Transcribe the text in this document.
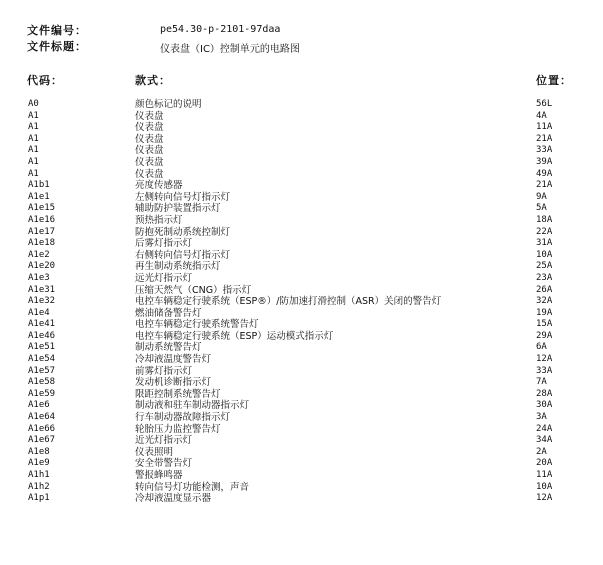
文件编号：	pe54.30-p-2101-97daa
文件标题：	仪表盘（IC）控制单元的电路图
代码：	款式：	位置：
A0	颜色标记的说明	56L
A1	仪表盘	4A
A1	仪表盘	11A
A1	仪表盘	21A
A1	仪表盘	33A
A1	仪表盘	39A
A1	仪表盘	49A
A1b1	亮度传感器	21A
A1e1	左侧转向信号灯指示灯	9A
A1e15	辅助防护装置指示灯	5A
A1e16	预热指示灯	18A
A1e17	防抱死制动系统控制灯	22A
A1e18	后雾灯指示灯	31A
A1e2	右侧转向信号灯指示灯	10A
A1e20	再生制动系统指示灯	25A
A1e3	远光灯指示灯	23A
A1e31	压缩天然气（CNG）指示灯	26A
A1e32	电控车辆稳定行驶系统（ESP®）/防加速打滑控制（ASR）关闭的警告灯	32A
A1e4	燃油储备警告灯	19A
A1e41	电控车辆稳定行驶系统警告灯	15A
A1e46	电控车辆稳定行驶系统（ESP）运动模式指示灯	29A
A1e51	制动系统警告灯	6A
A1e54	冷却液温度警告灯	12A
A1e57	前雾灯指示灯	33A
A1e58	发动机诊断指示灯	7A
A1e59	限距控制系统警告灯	28A
A1e6	制动液和驻车制动器指示灯	30A
A1e64	行车制动器故障指示灯	3A
A1e66	轮胎压力监控警告灯	24A
A1e67	近光灯指示灯	34A
A1e8	仪表照明	2A
A1e9	安全带警告灯	20A
A1h1	警报蜂鸣器	11A
A1h2	转向信号灯功能检测，声音	10A
A1p1	冷却液温度显示器	12A
